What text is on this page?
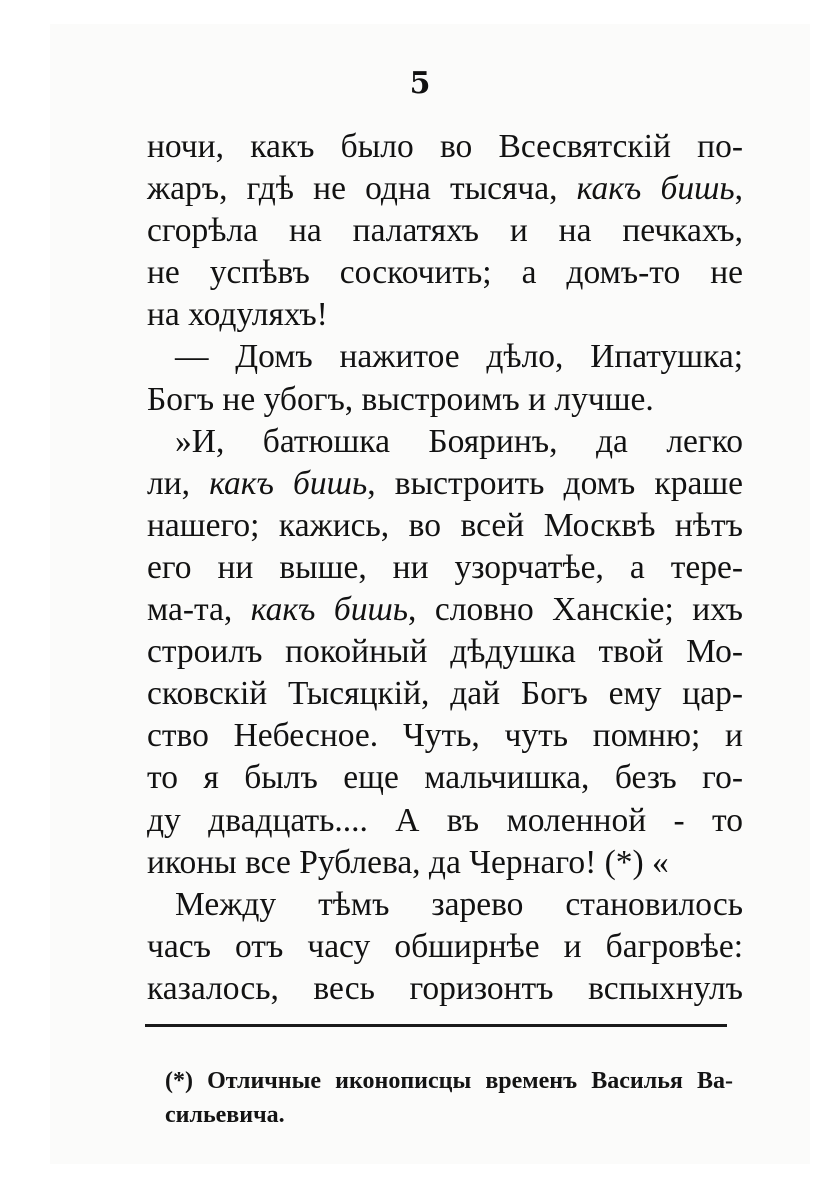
5
ночи, какъ было во Всесвятскій по-
жаръ, гдѣ не одна тысяча, какъ бишь,
сгорѣла на палатяхъ и на печкахъ,
не успѣвъ соскочить; а домъ-то не
на ходуляхъ!
— Домъ нажитое дѣло, Ипатушка;
Богъ не убогъ, выстроимъ и лучше.
»И, батюшка Бояринъ, да легко
ли, какъ бишь, выстроить домъ краше
нашего; кажись, во всей Москвѣ нѣтъ
его ни выше, ни узорчатѣе, а тере-
ма-та, какъ бишь, словно Ханскіе; ихъ
строилъ покойный дѣдушка твой Мо-
сковскій Тысяцкій, дай Богъ ему цар-
ство Небесное. Чуть, чуть помню; и
то я былъ еще мальчишка, безъ го-
ду двадцать.... А въ моленной - то
иконы все Рублева, да Чернаго! (*) «
Между тѣмъ зарево становилось
часъ отъ часу обширнѣе и багровѣе:
казалось, весь горизонтъ вспыхнулъ
(*) Отличные иконописцы временъ Василья Ва-
сильевича.
